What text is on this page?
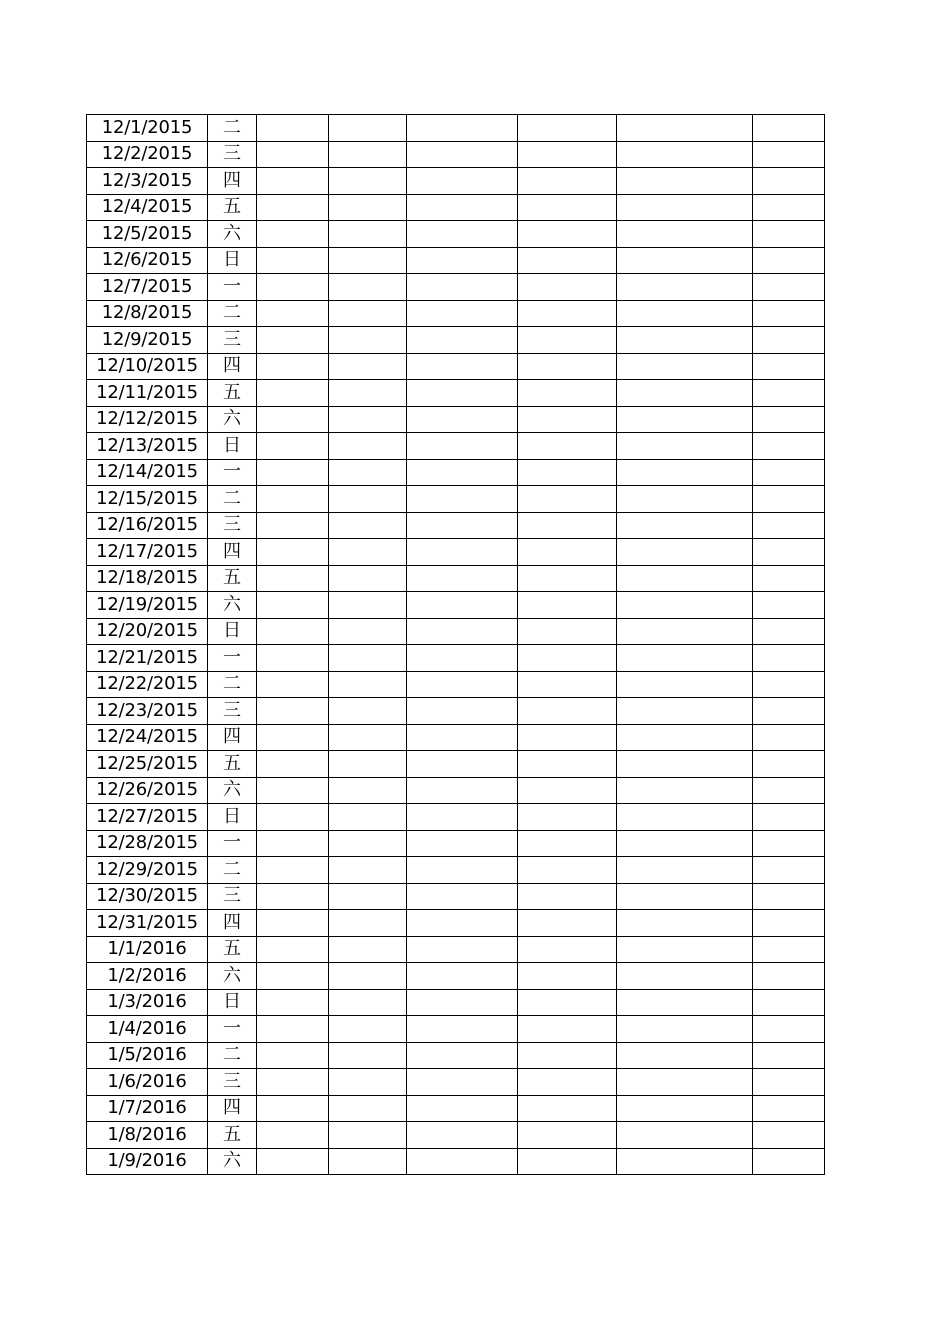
12/1/2015	二						
12/2/2015	三						
12/3/2015	四						
12/4/2015	五						
12/5/2015	六						
12/6/2015	日						
12/7/2015	一						
12/8/2015	二						
12/9/2015	三						
12/10/2015	四						
12/11/2015	五						
12/12/2015	六						
12/13/2015	日						
12/14/2015	一						
12/15/2015	二						
12/16/2015	三						
12/17/2015	四						
12/18/2015	五						
12/19/2015	六						
12/20/2015	日						
12/21/2015	一						
12/22/2015	二						
12/23/2015	三						
12/24/2015	四						
12/25/2015	五						
12/26/2015	六						
12/27/2015	日						
12/28/2015	一						
12/29/2015	二						
12/30/2015	三						
12/31/2015	四						
1/1/2016	五						
1/2/2016	六						
1/3/2016	日						
1/4/2016	一						
1/5/2016	二						
1/6/2016	三						
1/7/2016	四						
1/8/2016	五						
1/9/2016	六						
